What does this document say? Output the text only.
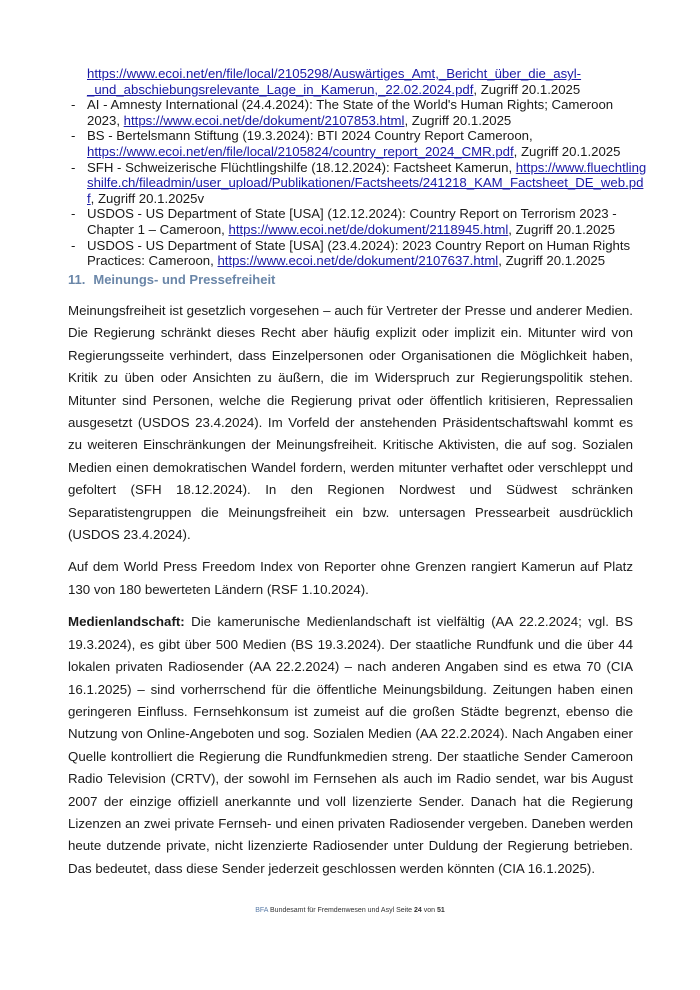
https://www.ecoi.net/en/file/local/2105298/Auswärtiges_Amt,_Bericht_über_die_asyl-_und_abschiebungsrelevante_Lage_in_Kamerun,_22.02.2024.pdf, Zugriff 20.1.2025
- AI - Amnesty International (24.4.2024): The State of the World's Human Rights; Cameroon 2023, https://www.ecoi.net/de/dokument/2107853.html, Zugriff 20.1.2025
- BS - Bertelsmann Stiftung (19.3.2024): BTI 2024 Country Report Cameroon, https://www.ecoi.net/en/file/local/2105824/country_report_2024_CMR.pdf, Zugriff 20.1.2025
- SFH - Schweizerische Flüchtlingshilfe (18.12.2024): Factsheet Kamerun, https://www.fluechtlingshilfe.ch/fileadmin/user_upload/Publikationen/Factsheets/241218_KAM_Factsheet_DE_web.pdf, Zugriff 20.1.2025v
- USDOS - US Department of State [USA] (12.12.2024): Country Report on Terrorism 2023 - Chapter 1 – Cameroon, https://www.ecoi.net/de/dokument/2118945.html, Zugriff 20.1.2025
- USDOS - US Department of State [USA] (23.4.2024): 2023 Country Report on Human Rights Practices: Cameroon, https://www.ecoi.net/de/dokument/2107637.html, Zugriff 20.1.2025
11. Meinungs- und Pressefreiheit

Meinungsfreiheit ist gesetzlich vorgesehen – auch für Vertreter der Presse und anderer Medien. Die Regierung schränkt dieses Recht aber häufig explizit oder implizit ein. Mitunter wird von Regierungsseite verhindert, dass Einzelpersonen oder Organisationen die Möglichkeit haben, Kritik zu üben oder Ansichten zu äußern, die im Widerspruch zur Regierungspolitik stehen. Mitunter sind Personen, welche die Regierung privat oder öffentlich kritisieren, Repressalien ausgesetzt (USDOS 23.4.2024). Im Vorfeld der anstehenden Präsidentschaftswahl kommt es zu weiteren Einschränkungen der Meinungsfreiheit. Kritische Aktivisten, die auf sog. Sozialen Medien einen demokratischen Wandel fordern, werden mitunter verhaftet oder verschleppt und gefoltert (SFH 18.12.2024). In den Regionen Nordwest und Südwest schränken Separatistengruppen die Meinungsfreiheit ein bzw. untersagen Pressearbeit ausdrücklich (USDOS 23.4.2024).

Auf dem World Press Freedom Index von Reporter ohne Grenzen rangiert Kamerun auf Platz 130 von 180 bewerteten Ländern (RSF 1.10.2024).

Medienlandschaft: Die kamerunische Medienlandschaft ist vielfältig (AA 22.2.2024; vgl. BS 19.3.2024), es gibt über 500 Medien (BS 19.3.2024). Der staatliche Rundfunk und die über 44 lokalen privaten Radiosender (AA 22.2.2024) – nach anderen Angaben sind es etwa 70 (CIA 16.1.2025) – sind vorherrschend für die öffentliche Meinungsbildung. Zeitungen haben einen geringeren Einfluss. Fernsehkonsum ist zumeist auf die großen Städte begrenzt, ebenso die Nutzung von Online-Angeboten und sog. Sozialen Medien (AA 22.2.2024). Nach Angaben einer Quelle kontrolliert die Regierung die Rundfunkmedien streng. Der staatliche Sender Cameroon Radio Television (CRTV), der sowohl im Fernsehen als auch im Radio sendet, war bis August 2007 der einzige offiziell anerkannte und voll lizenzierte Sender. Danach hat die Regierung Lizenzen an zwei private Fernseh- und einen privaten Radiosender vergeben. Daneben werden heute dutzende private, nicht lizenzierte Radiosender unter Duldung der Regierung betrieben. Das bedeutet, dass diese Sender jederzeit geschlossen werden könnten (CIA 16.1.2025).

BFA Bundesamt für Fremdenwesen und Asyl Seite 24 von 51
